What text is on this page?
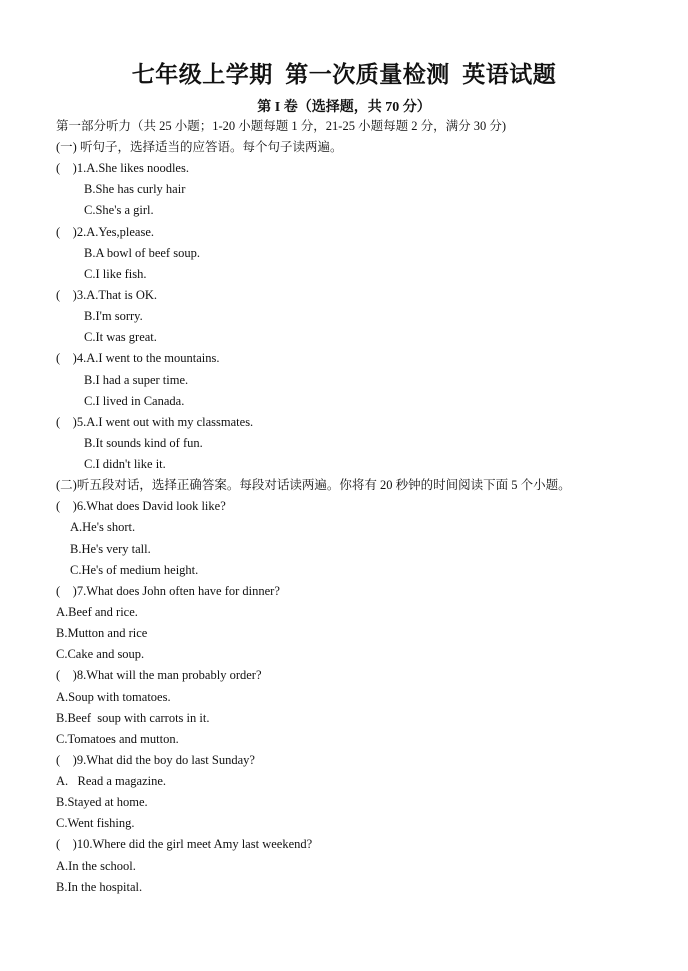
七年级上学期  第一次质量检测  英语试题
第 I 卷（选择题，共 70 分）
第一部分听力（共 25 小题；1-20 小题每题 1 分，21-25 小题每题 2 分，满分 30 分)
(一) 听句子，选择适当的应答语。每个句子读两遍。
(    )1.A.She likes noodles.
B.She has curly hair
C.She's a girl.
(    )2.A.Yes,please.
B.A bowl of beef soup.
C.I like fish.
(    )3.A.That is OK.
B.I'm sorry.
C.It was great.
(    )4.A.I went to the mountains.
B.I had a super time.
C.I lived in Canada.
(    )5.A.I went out with my classmates.
B.It sounds kind of fun.
C.I didn't like it.
(二)听五段对话，选择正确答案。每段对话读两遍。你将有 20 秒钟的时间阅读下面 5 个小题。
(    )6.What does David look like?
A.He's short.
B.He's very tall.
C.He's of medium height.
(    )7.What does John often have for dinner?
A.Beef and rice.
B.Mutton and rice
C.Cake and soup.
(    )8.What will the man probably order?
A.Soup with tomatoes.
B.Beef  soup with carrots in it.
C.Tomatoes and mutton.
(    )9.What did the boy do last Sunday?
A.   Read a magazine.
B.Stayed at home.
C.Went fishing.
(    )10.Where did the girl meet Amy last weekend?
A.In the school.
B.In the hospital.
